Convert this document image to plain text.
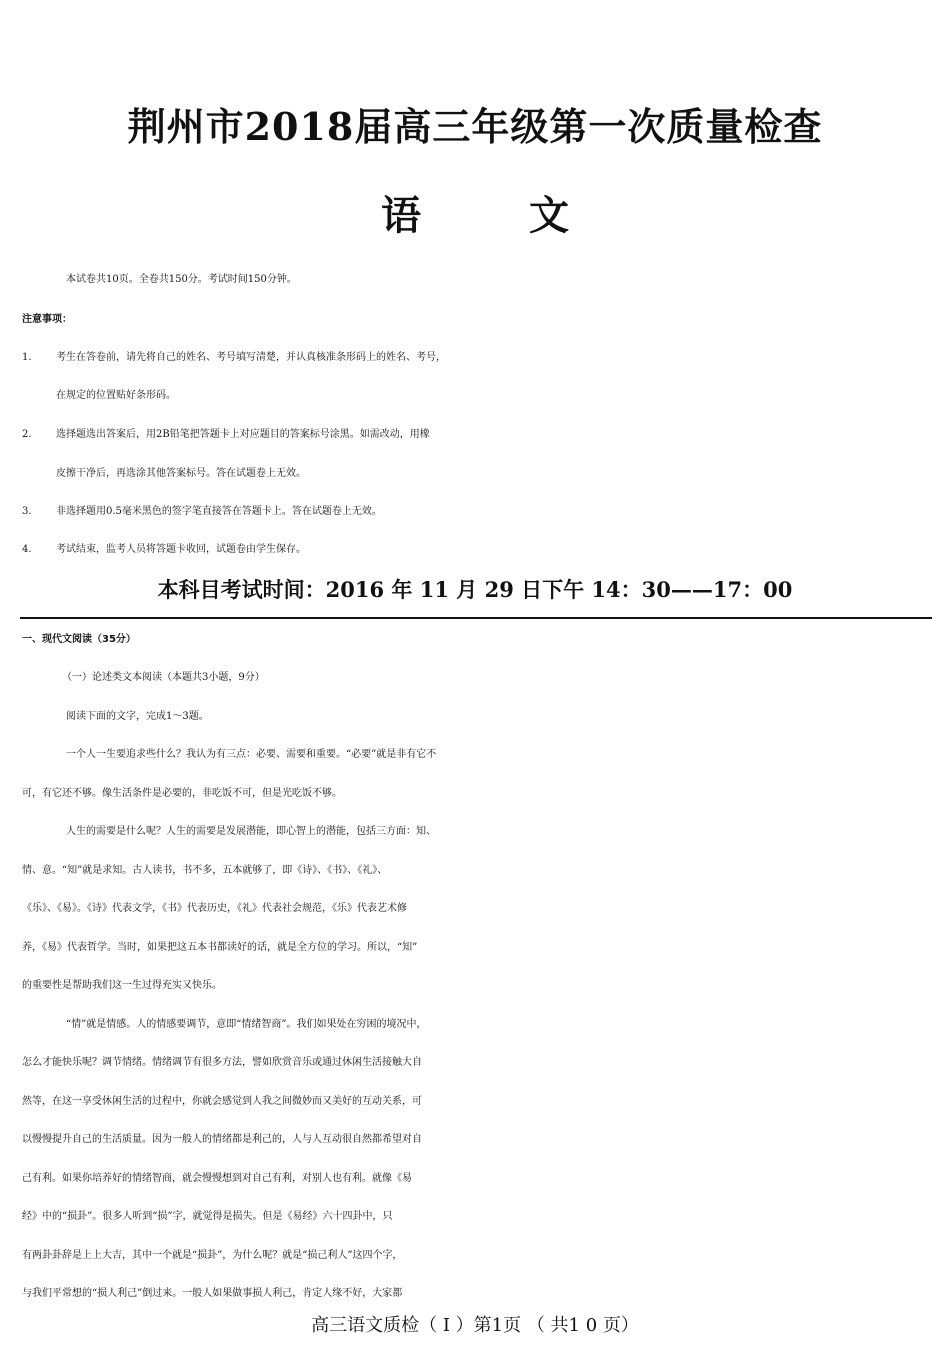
荆州市2018届高三年级第一次质量检查
语	文
本试卷共10页。全卷共150分。考试时间150分钟。
注意事项：
1. 考生在答卷前，请先将自己的姓名、考号填写清楚，并认真核准条形码上的姓名、考号，
在规定的位置贴好条形码。
2. 选择题选出答案后，用2B铅笔把答题卡上对应题目的答案标号涂黑。如需改动，用橡
皮擦干净后，再选涂其他答案标号。答在试题卷上无效。
3. 非选择题用0.5毫米黑色的签字笔直接答在答题卡上。答在试题卷上无效。
4. 考试结束，监考人员将答题卡收回，试题卷由学生保存。
本科目考试时间：2016 年 11 月 29 日下午 14：30——17：00
一、现代文阅读（35分）
（一）论述类文本阅读（本题共3小题，9分）
阅读下面的文字，完成1～3题。
一个人一生要追求些什么？我认为有三点：必要、需要和重要。“必要”就是非有它不
可，有它还不够。像生活条件是必要的，非吃饭不可，但是光吃饭不够。
人生的需要是什么呢？人生的需要是发展潜能，即心智上的潜能，包括三方面：知、
情、意。“知”就是求知。古人读书，书不多，五本就够了，即《诗》、《书》、《礼》、
《乐》、《易》。《诗》代表文学，《书》代表历史，《礼》代表社会规范，《乐》代表艺术修
养，《易》代表哲学。当时，如果把这五本书都读好的话，就是全方位的学习。所以，“知”
的重要性是帮助我们这一生过得充实又快乐。
“情”就是情感。人的情感要调节，意即“情绪智商”。我们如果处在穷困的境况中，
怎么才能快乐呢？调节情绪。情绪调节有很多方法，譬如欣赏音乐或通过休闲生活接触大自
然等，在这一享受休闲生活的过程中，你就会感觉到人我之间微妙而又美好的互动关系，可
以慢慢提升自己的生活质量。因为一般人的情绪都是利己的，人与人互动很自然都希望对自
己有利。如果你培养好的情绪智商，就会慢慢想到对自己有利，对别人也有利。就像《易
经》中的“损卦”。很多人听到“损”字，就觉得是损失。但是《易经》六十四卦中，只
有两卦卦辞是上上大吉，其中一个就是“损卦”，为什么呢？就是“损己利人”这四个字，
与我们平常想的“损人利己”倒过来。一般人如果做事损人利己，肯定人缘不好，大家都
高三语文质检（ Ⅰ ）第1页 （ 共1 0 页）
